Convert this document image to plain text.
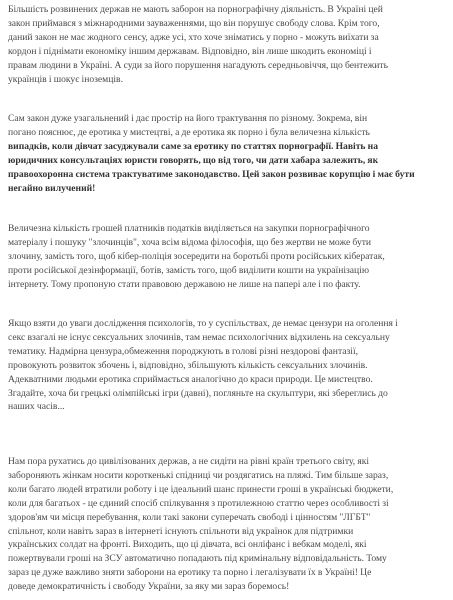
Більшість розвинених держав не мають заборон на порнографічну діяльність. В Україні цей
закон приймався з міжнародними зауваженнями, що він порушує свободу слова. Крім того,
даний закон не має жодного сенсу, адже усі, хто хоче зніматись у порно - можуть виїхати за
кордон і піднімати економіку іншим державам. Відповідно, він лише шкодить економіці і
правам людини в Україні. А суди за його порушення нагадують середньовіччя, що бентежить
українців і шокує іноземців.

Сам закон дуже узагальнений і дає простір на його трактування по різному. Зокрема, він
погано пояснює, де еротика у мистецтві, а де еротика як порно і була величезна кількість
випадків, коли дівчат засуджували саме за еротику по статтях порнографії. Навіть на
юридичних консультаціях юристи говорять, що від того, чи дати хабара залежить, як
правоохоронна система трактуватиме законодавство. Цей закон розвиває корупцію і має бути
негайно вилучений!

Величезна кількість грошей платників податків виділяється на закупки порнографічного
матеріалу і пошуку "злочинців", хоча всім відома філософія, що без жертви не може бути
злочину, замість того, щоб кібер-поліція зосередити на боротьбі проти російських кібератак,
проти російської дезінформації, ботів, замість того, щоб виділити кошти на українізацію
інтернету. Тому пропоную стати правовою державою не лише на папері але і по факту.

Якщо взяти до уваги дослідження психологів, то у суспільствах, де немає цензури на оголення і
секс взагалі не існує сексуальних злочинів, там немає психологічних відхилень на сексуальну
тематику. Надмірна цензура,обмеження породжують в голові різні нездорові фантазії,
провокують розвиток збочень і, відповідно, збільшують кількість сексуальних злочинів.
Адекватними людьми еротика сприймається аналогічно до краси природи. Це мистецтво.
Згадайте, хоча би грецькі олімпійські ігри (давні), погляньте на скульптури, які збереглись до
наших часів...

Нам пора рухатись до цивілізованих держав, а не сидіти на рівні країн третього світу, які
забороняють жінкам носити короткенькі спідниці чи роздягатись на пляжі. Тим більше зараз,
коли багато людей втратили роботу і це ідеальний шанс принести гроші в українські бюджети,
коли для багатьох - це єдиний спосіб спілкування з протилежною статтю через особливості зі
здоров'ям чи місця перебування, коли такі закони суперечать свободі і цінностям "ЛГБТ"
спільнот, коли навіть зараз в інтернеті існують спільноти від українок для підтримки
українських солдат на фронті. Виходить, що ці дівчата, всі онліфанс і вебкам моделі, які
пожертвували гроші на ЗСУ автоматично попадають під кримінальну відповідальність. Тому
зараз це дуже важливо зняти заборони на еротику та порно і легалізувати їх в Україні! Це
доведе демократичність і свободу України, за яку ми зараз боремось!
